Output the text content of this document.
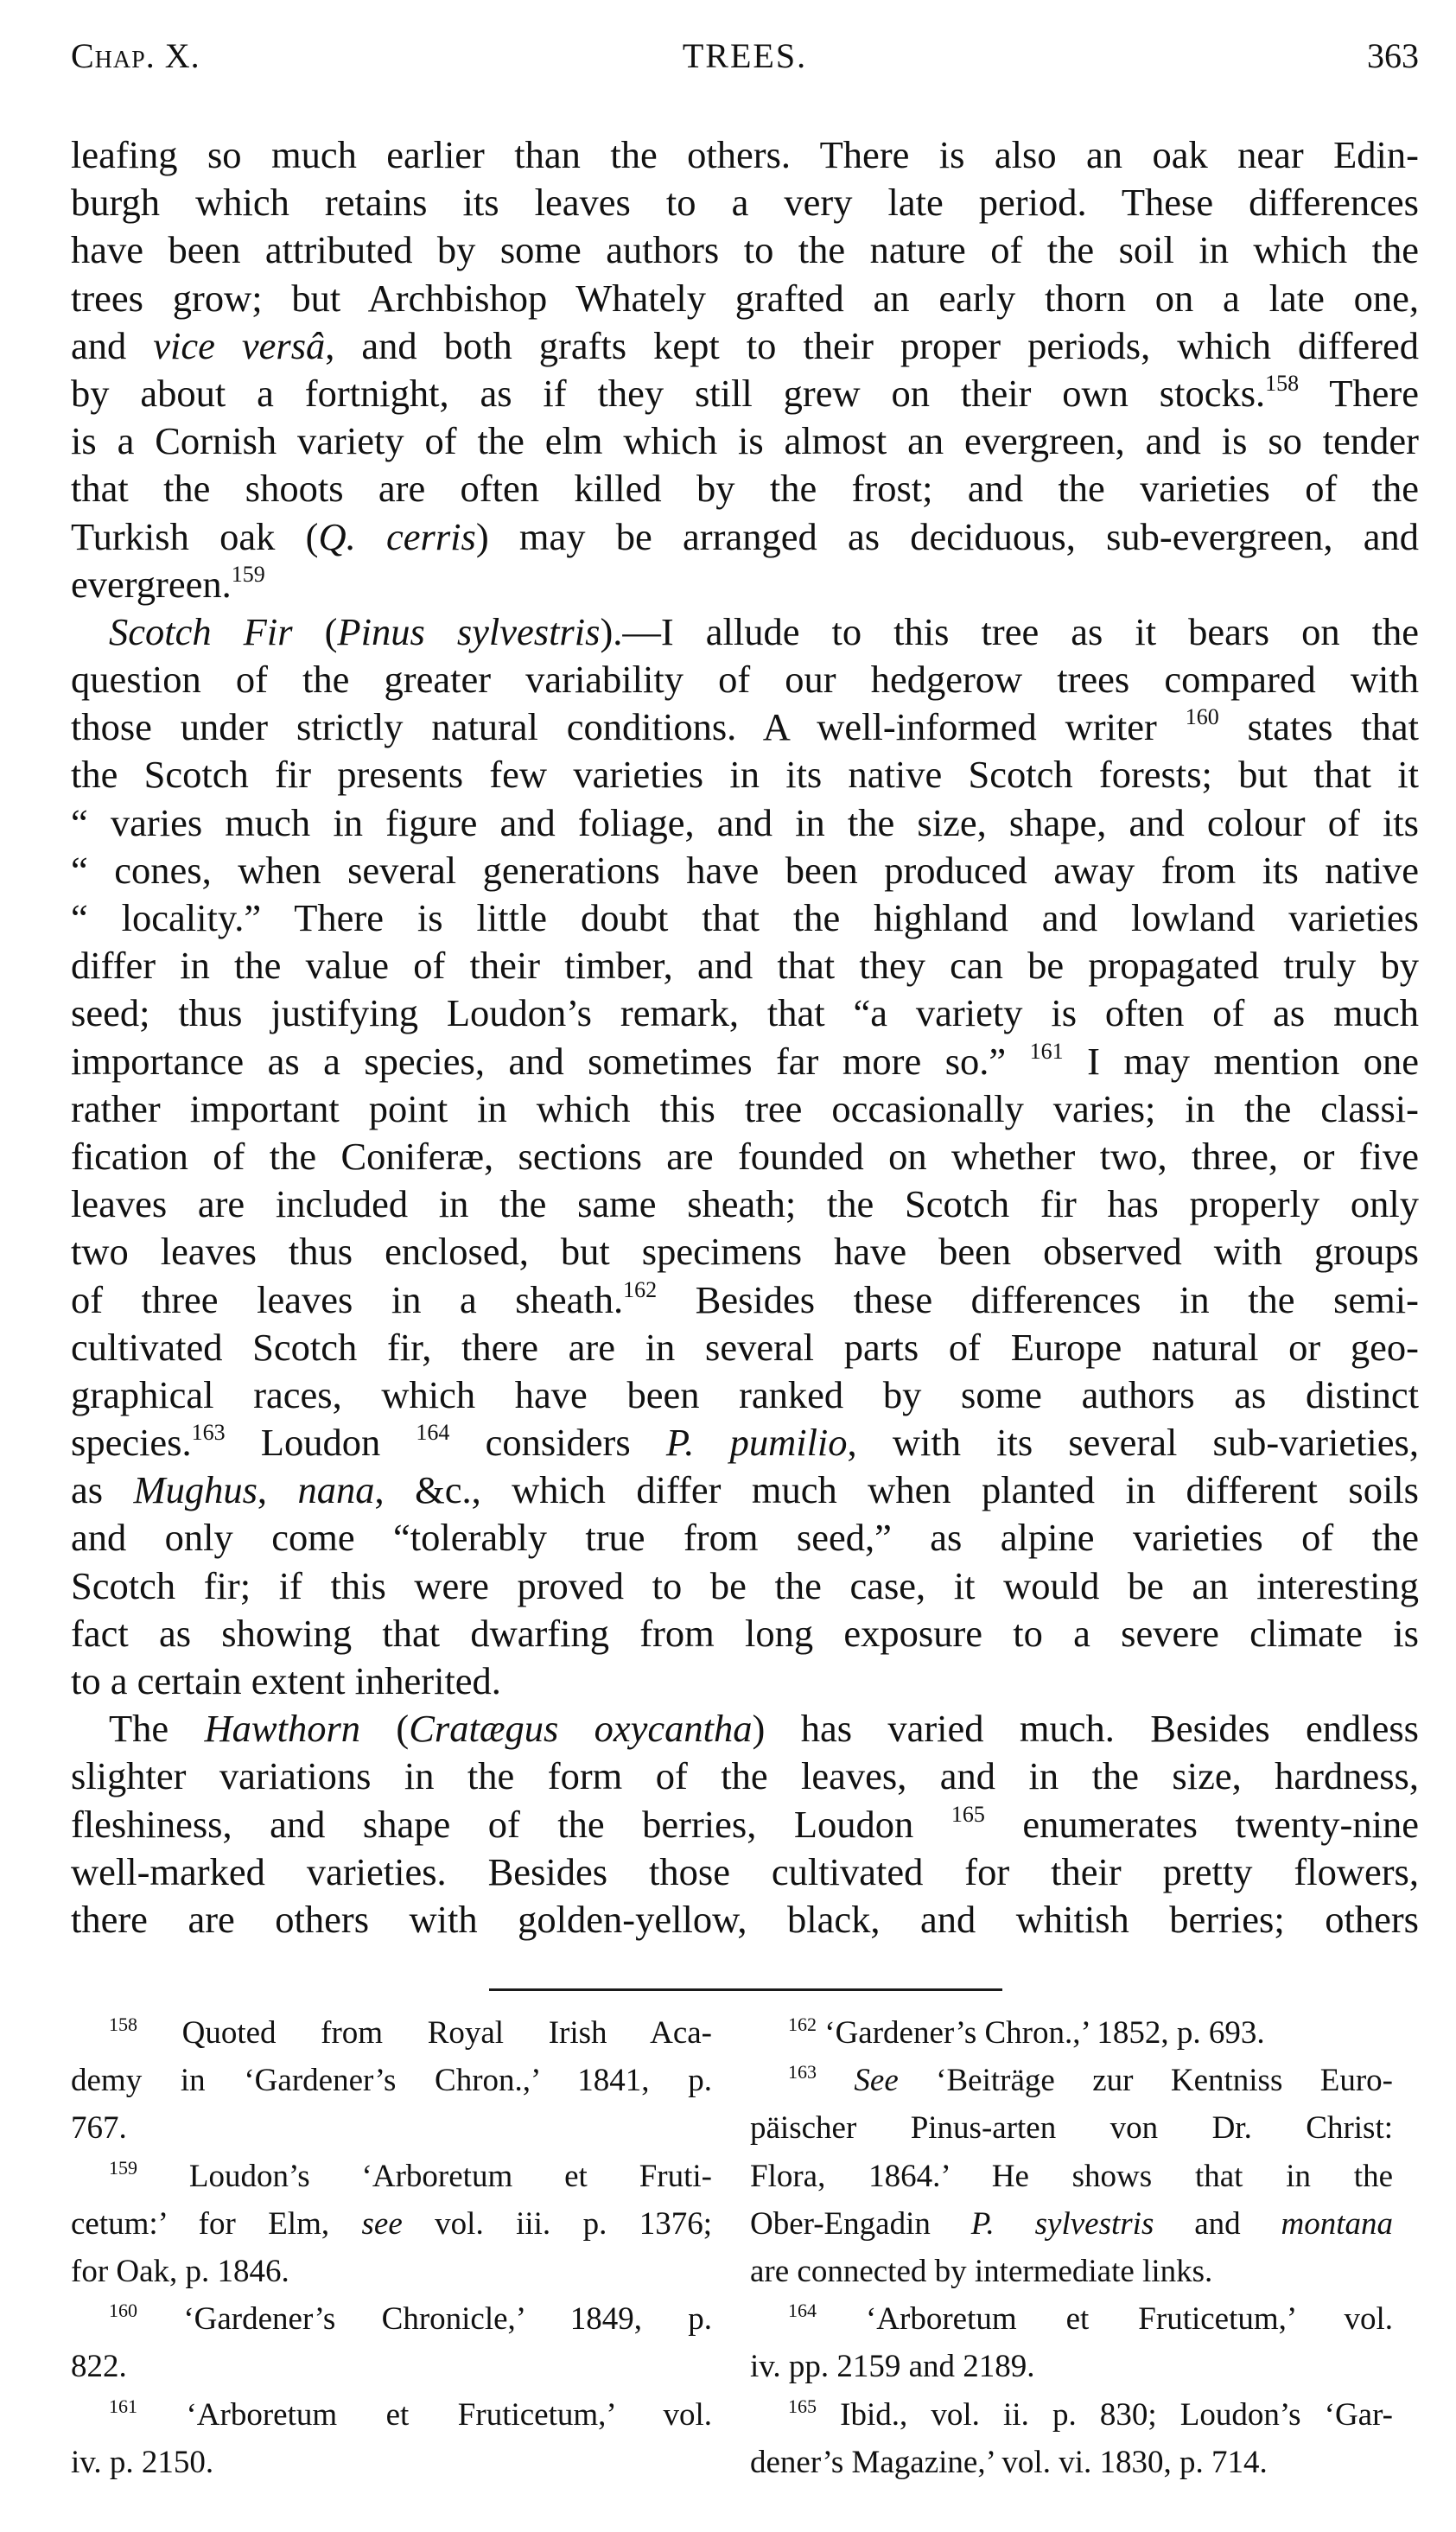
Chap. X.	TREES.	363
leafing so much earlier than the others. There is also an oak near Edin-
burgh which retains its leaves to a very late period. These differences
have been attributed by some authors to the nature of the soil in which the
trees grow; but Archbishop Whately grafted an early thorn on a late one,
and vice versâ, and both grafts kept to their proper periods, which differed
by about a fortnight, as if they still grew on their own stocks.$^{158}$ There
is a Cornish variety of the elm which is almost an evergreen, and is so tender
that the shoots are often killed by the frost; and the varieties of the
Turkish oak (Q. cerris) may be arranged as deciduous, sub-evergreen, and
evergreen.$^{159}$
Scotch Fir (Pinus sylvestris).—I allude to this tree as it bears on the
question of the greater variability of our hedgerow trees compared with
those under strictly natural conditions. A well-informed writer $^{160}$ states that
the Scotch fir presents few varieties in its native Scotch forests; but that it
“ varies much in figure and foliage, and in the size, shape, and colour of its
“ cones, when several generations have been produced away from its native
“ locality.” There is little doubt that the highland and lowland varieties
differ in the value of their timber, and that they can be propagated truly by
seed; thus justifying Loudon’s remark, that “a variety is often of as much
importance as a species, and sometimes far more so.” $^{161}$ I may mention one
rather important point in which this tree occasionally varies; in the classi-
fication of the Coniferæ, sections are founded on whether two, three, or five
leaves are included in the same sheath; the Scotch fir has properly only
two leaves thus enclosed, but specimens have been observed with groups
of three leaves in a sheath.$^{162}$ Besides these differences in the semi-
cultivated Scotch fir, there are in several parts of Europe natural or geo-
graphical races, which have been ranked by some authors as distinct
species.$^{163}$ Loudon $^{164}$ considers P. pumilio, with its several sub-varieties,
as Mughus, nana, &c., which differ much when planted in different soils
and only come “tolerably true from seed,” as alpine varieties of the
Scotch fir; if this were proved to be the case, it would be an interesting
fact as showing that dwarfing from long exposure to a severe climate is
to a certain extent inherited.
The Hawthorn (Cratægus oxycantha) has varied much. Besides endless
slighter variations in the form of the leaves, and in the size, hardness,
fleshiness, and shape of the berries, Loudon $^{165}$ enumerates twenty-nine
well-marked varieties. Besides those cultivated for their pretty flowers,
there are others with golden-yellow, black, and whitish berries; others
$^{158}$ Quoted from Royal Irish Aca-
demy in ‘Gardener’s Chron.,’ 1841, p.
767.
$^{159}$ Loudon’s ‘Arboretum et Fruti-
cetum:’ for Elm, see vol. iii. p. 1376;
for Oak, p. 1846.
$^{160}$ ‘Gardener’s Chronicle,’ 1849, p.
822.
$^{161}$ ‘Arboretum et Fruticetum,’ vol.
iv. p. 2150.
$^{162}$ ‘Gardener’s Chron.,’ 1852, p. 693.
$^{163}$ See ‘Beiträge zur Kentniss Euro-
päischer Pinus-arten von Dr. Christ:
Flora, 1864.’ He shows that in the
Ober-Engadin P. sylvestris and montana
are connected by intermediate links.
$^{164}$ ‘Arboretum et Fruticetum,’ vol.
iv. pp. 2159 and 2189.
$^{165}$ Ibid., vol. ii. p. 830; Loudon’s ‘Gar-
dener’s Magazine,’ vol. vi. 1830, p. 714.
